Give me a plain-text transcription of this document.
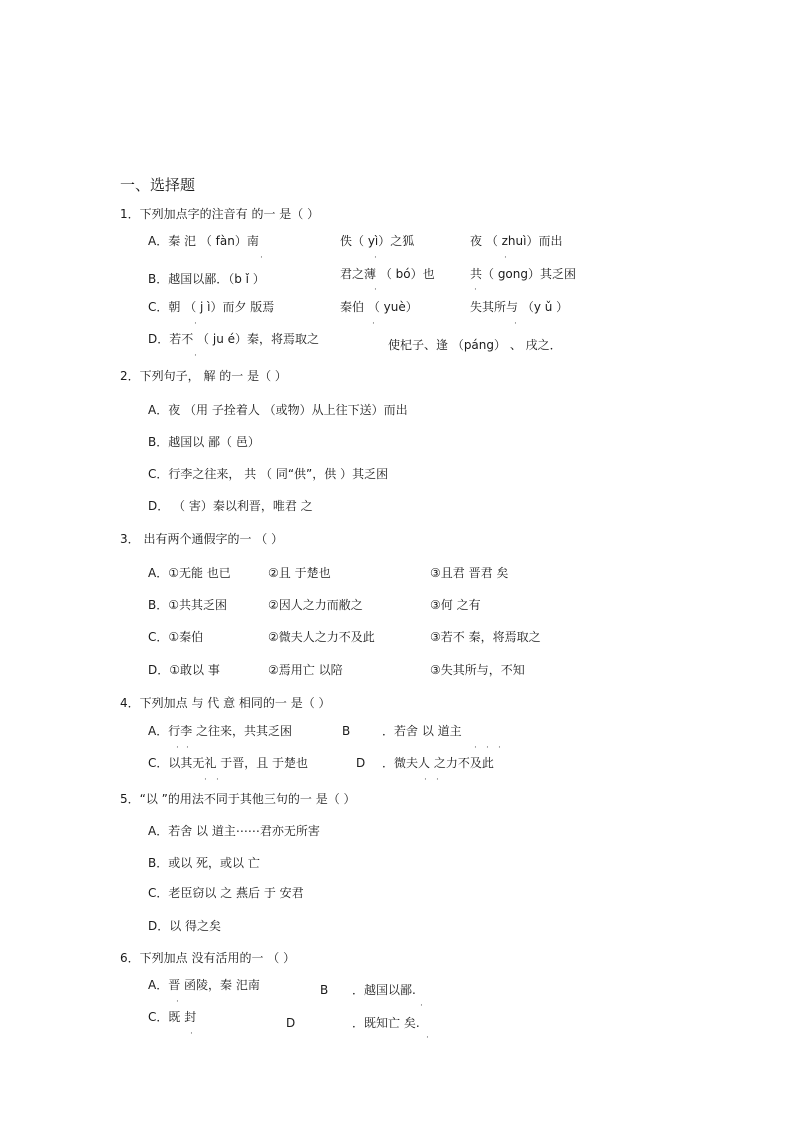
一、选择题
1．下列加点字的注音有 的一 是（ ）
A．秦 汜 （ fàn）南	佚（ yì）之狐	夜 （ zhuì）而出
·	·	·
B．越国以鄙．（b ǐ ）	君之薄 （ bó）也	共（ gong）其乏困
·	·
C．朝 （ j ì）而夕 版焉	秦伯 （ yuè）	失其所与 （y ǔ ）
·	·	·
D．若不 （ ju é）秦，将焉取之	使杞子、逢 （páng） 、 戌之．
·
2．下列句子， 解 的一 是（ ）
A．夜 （用 子拴着人 （或物）从上往下送）而出
B．越国以 鄙（ 邑）
C．行李之往来， 共 （ 同“供”，供 ）其乏困
D． （ 害）秦以利晋，唯君 之
3． 出有两个通假字的一 （ ）
A．①无能 也已	②且 于楚也	③且君 晋君 矣
B．①共其乏困	②因人之力而敝之	③何 之有
C．①秦伯	②微夫人之力不及此	③若不 秦，将焉取之
D．①敢以 事	②焉用亡 以陪	③失其所与，不知
4．下列加点 与 代 意 相同的一 是（ ）
A．行李 之往来，共其乏困	B	．若舍 以 道主
· ·	· · ·
C．以其无礼 于晋，且 于楚也	D ．微夫人 之力不及此
· ·	· ·
5．“以 ”的用法不同于其他三句的一 是（ ）
A．若舍 以 道主⋯⋯君亦无所害
B．或以 死，或以 亡
C．老臣窃以 之 燕后 于 安君
D．以 得之矣
6．下列加点 没有活用的一 （ ）
A．晋 函陵，秦 汜南	B ．越国以鄙.
·	·
C．既 封	D	．既知亡 矣.
·	·
